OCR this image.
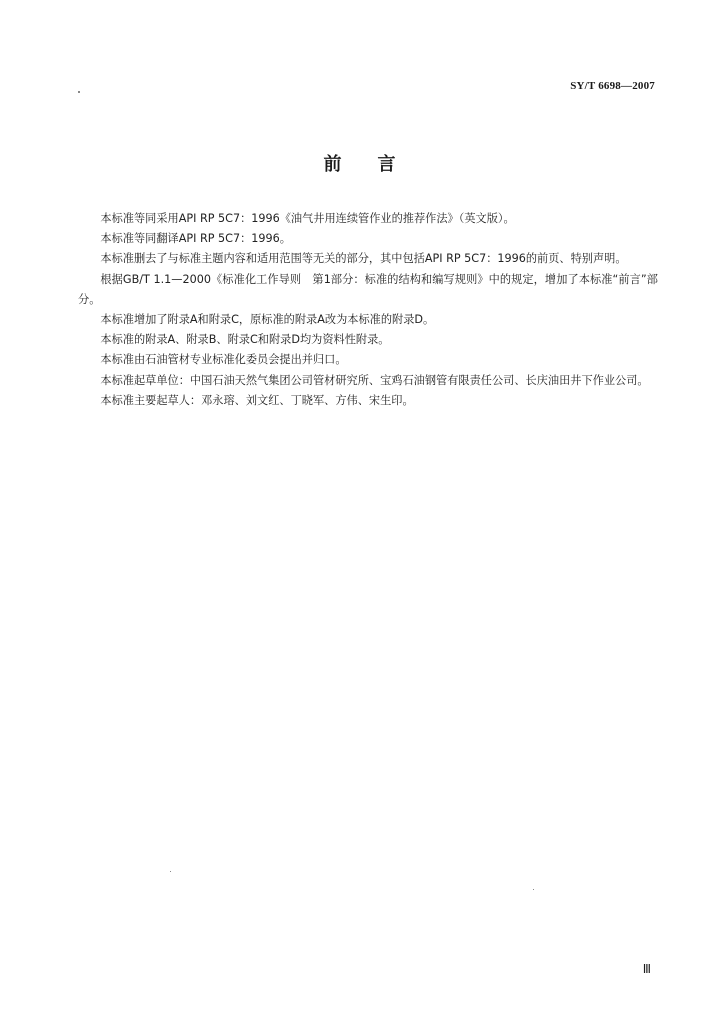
SY/T 6698—2007
前 言

本标准等同采用API RP 5C7：1996《油气井用连续管作业的推荐作法》（英文版）。

本标准等同翻译API RP 5C7：1996。

本标准删去了与标准主题内容和适用范围等无关的部分，其中包括API RP 5C7：1996的前页、特别声明。

根据GB/T 1.1—2000《标准化工作导则　第1部分：标准的结构和编写规则》中的规定，增加了本标准“前言”部分。

本标准增加了附录A和附录C，原标准的附录A改为本标准的附录D。

本标准的附录A、附录B、附录C和附录D均为资料性附录。

本标准由石油管材专业标准化委员会提出并归口。

本标准起草单位：中国石油天然气集团公司管材研究所、宝鸡石油钢管有限责任公司、长庆油田井下作业公司。

本标准主要起草人：邓永瑢、刘文红、丁晓军、方伟、宋生印。

Ⅲ
